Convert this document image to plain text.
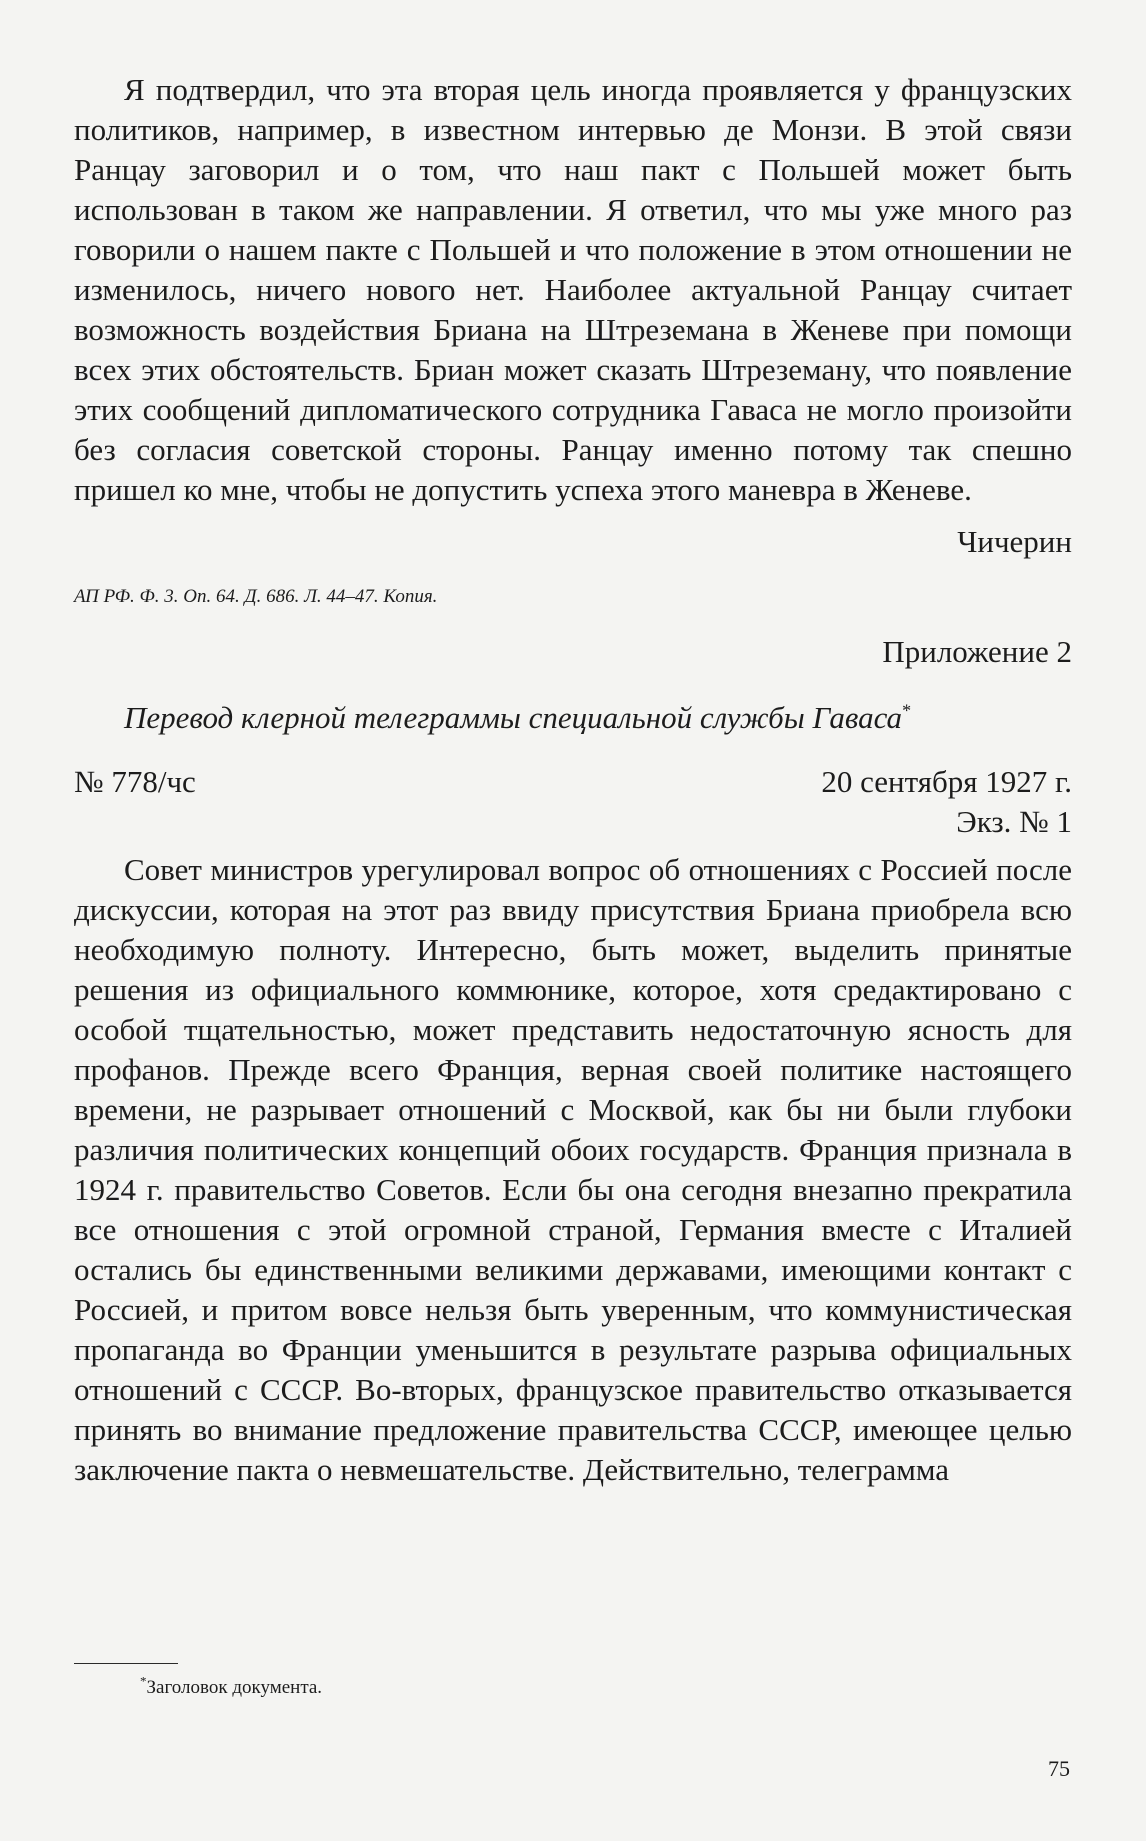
Я подтвердил, что эта вторая цель иногда проявляется у французских политиков, например, в известном интервью де Монзи. В этой связи Ранцау заговорил и о том, что наш пакт с Польшей может быть использован в таком же направлении. Я ответил, что мы уже много раз говорили о нашем пакте с Польшей и что положение в этом отношении не изменилось, ничего нового нет. Наиболее актуальной Ранцау считает возможность воздействия Бриана на Штреземана в Женеве при помощи всех этих обстоятельств. Бриан может сказать Штреземану, что появление этих сообщений дипломатического сотрудника Гаваса не могло произойти без согласия советской стороны. Ранцау именно потому так спешно пришел ко мне, чтобы не допустить успеха этого маневра в Женеве.

Чичерин

АП РФ. Ф. 3. Оп. 64. Д. 686. Л. 44–47. Копия.

Приложение 2

Перевод клерной телеграммы специальной службы Гаваса*

№ 778/чс	20 сентября 1927 г.

Экз. № 1

Совет министров урегулировал вопрос об отношениях с Россией после дискуссии, которая на этот раз ввиду присутствия Бриана приобрела всю необходимую полноту. Интересно, быть может, выделить принятые решения из официального коммюнике, которое, хотя средактировано с особой тщательностью, может представить недостаточную ясность для профанов. Прежде всего Франция, верная своей политике настоящего времени, не разрывает отношений с Москвой, как бы ни были глубоки различия политических концепций обоих государств. Франция признала в 1924 г. правительство Советов. Если бы она сегодня внезапно прекратила все отношения с этой огромной страной, Германия вместе с Италией остались бы единственными великими державами, имеющими контакт с Россией, и притом вовсе нельзя быть уверенным, что коммунистическая пропаганда во Франции уменьшится в результате разрыва официальных отношений с СССР. Во-вторых, французское правительство отказывается принять во внимание предложение правительства СССР, имеющее целью заключение пакта о невмешательстве. Действительно, телеграмма

*Заголовок документа.
75
